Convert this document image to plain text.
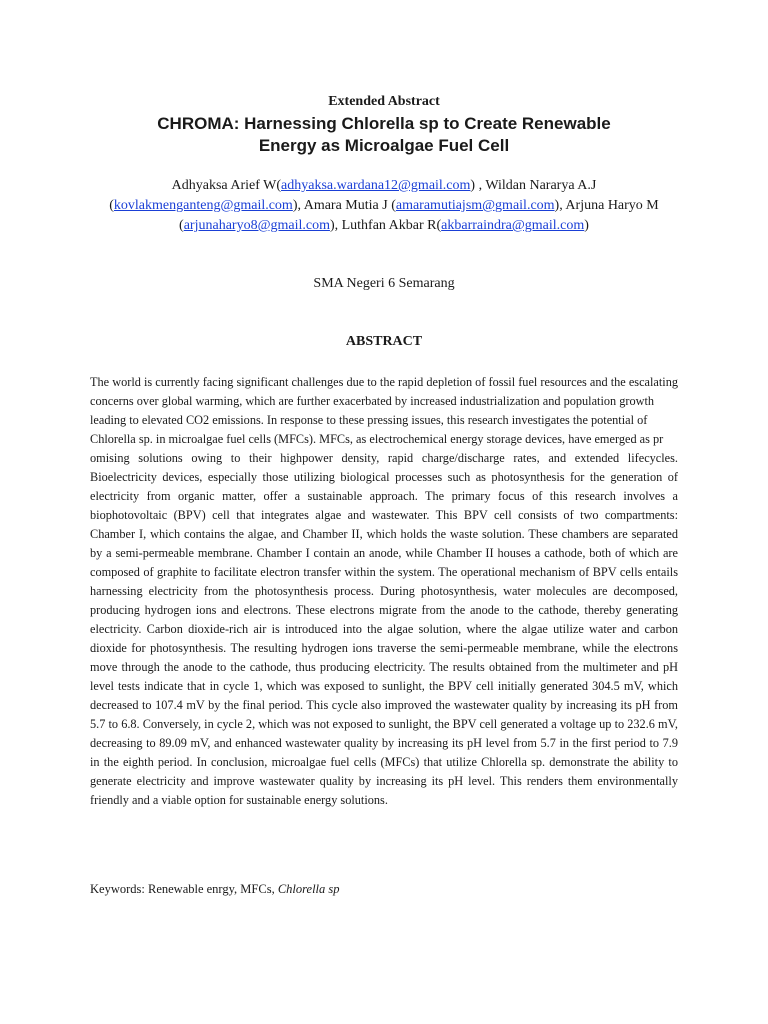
Extended Abstract
CHROMA: Harnessing Chlorella sp to Create Renewable
Energy as Microalgae Fuel Cell
Adhyaksa Arief W(adhyaksa.wardana12@gmail.com) , Wildan Nararya A.J (kovlakmenganteng@gmail.com), Amara Mutia J (amaramutiajsm@gmail.com), Arjuna Haryo M (arjunaharyo8@gmail.com), Luthfan Akbar R(akbarraindra@gmail.com)
SMA Negeri 6 Semarang
ABSTRACT

The world is currently facing significant challenges due to the rapid depletion of fossil fuel resources and the escalating concerns over global warming, which are further exacerbated by increased industrialization and population growth leading to elevated CO2 emissions. In response to these pressing issues, this research investigates the potential of Chlorella sp. in microalgae fuel cells (MFCs). MFCs, as electrochemical energy storage devices, have emerged as pr

omising solutions owing to their highpower density, rapid charge/discharge rates, and extended lifecycles. Bioelectricity devices, especially those utilizing biological processes such as photosynthesis for the generation of electricity from organic matter, offer a sustainable approach. The primary focus of this research involves a biophotovoltaic (BPV) cell that integrates algae and wastewater. This BPV cell consists of two compartments: Chamber I, which contains the algae, and Chamber II, which holds the waste solution. These chambers are separated by a semi-permeable membrane. Chamber I contain an anode, while Chamber II houses a cathode, both of which are composed of graphite to facilitate electron transfer within the system. The operational mechanism of BPV cells entails harnessing electricity from the photosynthesis process. During photosynthesis, water molecules are decomposed, producing hydrogen ions and electrons. These electrons migrate from the anode to the cathode, thereby generating electricity. Carbon dioxide-rich air is introduced into the algae solution, where the algae utilize water and carbon dioxide for photosynthesis. The resulting hydrogen ions traverse the semi-permeable membrane, while the electrons move through the anode to the cathode, thus producing electricity. The results obtained from the multimeter and pH level tests indicate that in cycle 1, which was exposed to sunlight, the BPV cell initially generated 304.5 mV, which decreased to 107.4 mV by the final period. This cycle also improved the wastewater quality by increasing its pH from 5.7 to 6.8. Conversely, in cycle 2, which was not exposed to sunlight, the BPV cell generated a voltage up to 232.6 mV, decreasing to 89.09 mV, and enhanced wastewater quality by increasing its pH level from 5.7 in the first period to 7.9 in the eighth period. In conclusion, microalgae fuel cells (MFCs) that utilize Chlorella sp. demonstrate the ability to generate electricity and improve wastewater quality by increasing its pH level. This renders them environmentally friendly and a viable option for sustainable energy solutions.

Keywords: Renewable enrgy, MFCs, Chlorella sp
